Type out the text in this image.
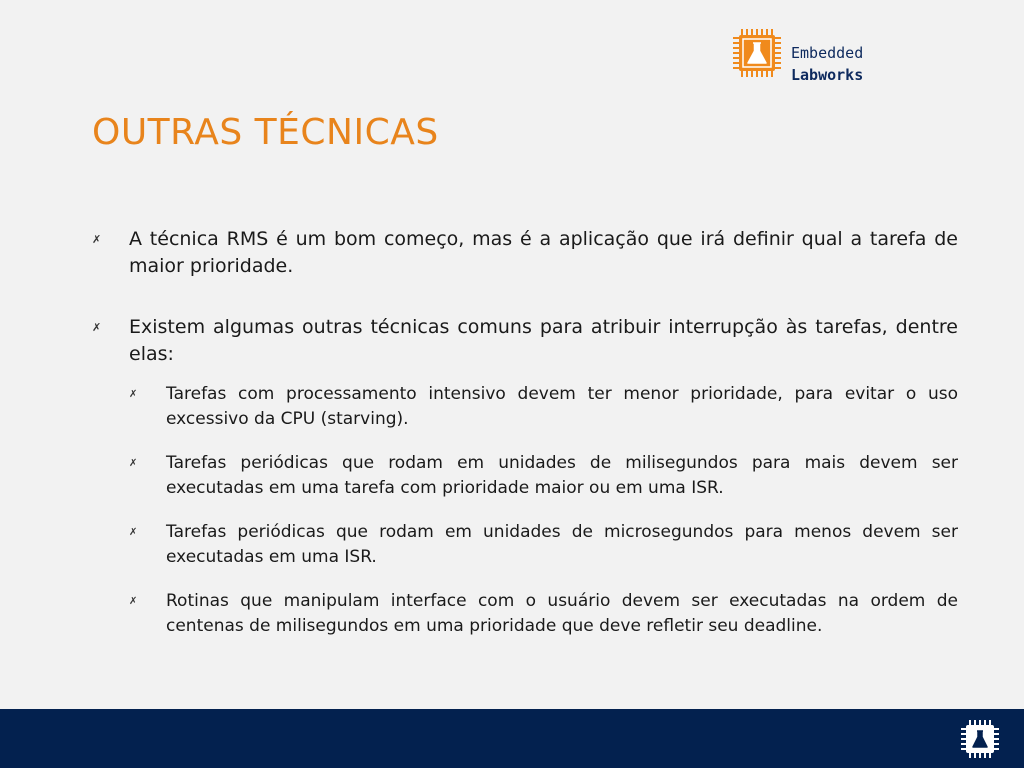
Embedded
Labworks
OUTRAS TÉCNICAS
✗ A técnica RMS é um bom começo, mas é a aplicação que irá definir qual a tarefa de maior prioridade.
✗ Existem algumas outras técnicas comuns para atribuir interrupção às tarefas, dentre elas:
✗ Tarefas com processamento intensivo devem ter menor prioridade, para evitar o uso excessivo da CPU (starving).
✗ Tarefas periódicas que rodam em unidades de milisegundos para mais devem ser executadas em uma tarefa com prioridade maior ou em uma ISR.
✗ Tarefas periódicas que rodam em unidades de microsegundos para menos devem ser executadas em uma ISR.
✗ Rotinas que manipulam interface com o usuário devem ser executadas na ordem de centenas de milisegundos em uma prioridade que deve refletir seu deadline.
